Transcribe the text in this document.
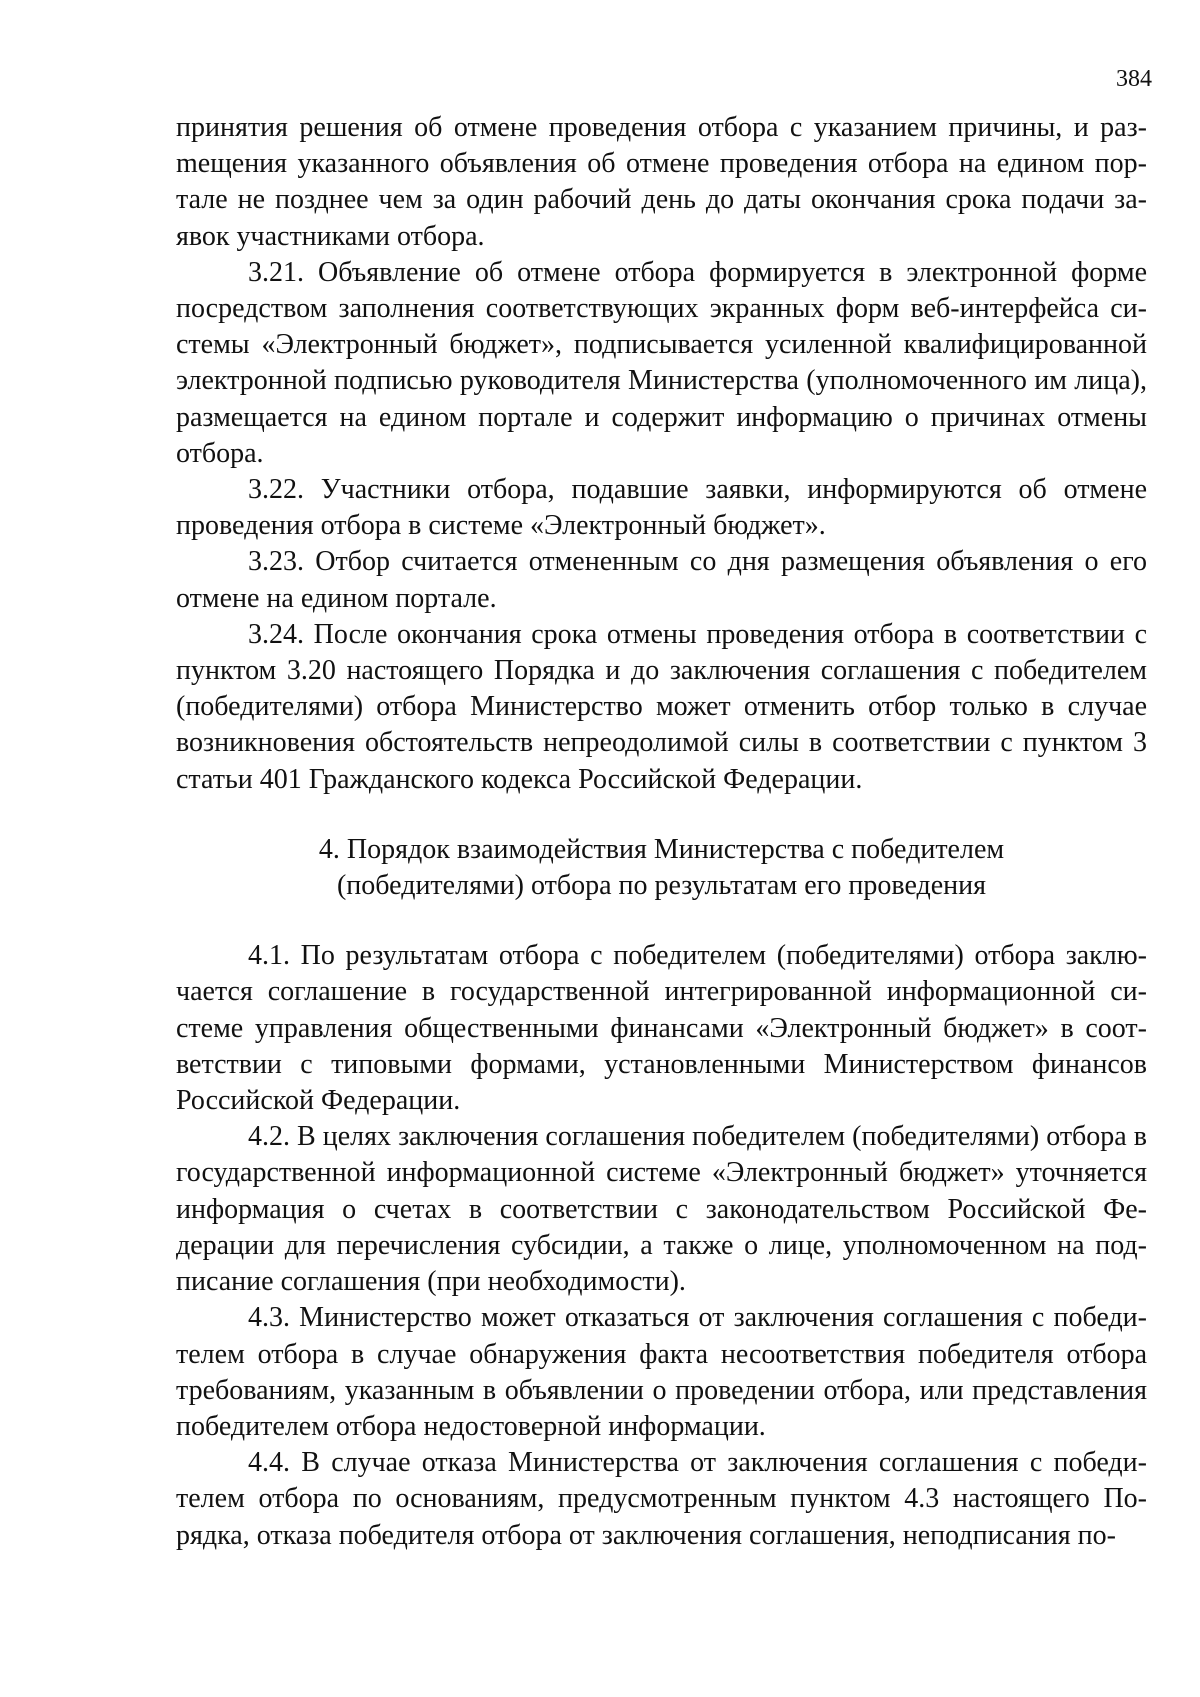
384

принятия решения об отмене проведения отбора с указанием причины, и разmещения указанного объявления об отмене проведения отбора на едином портале не позднее чем за один рабочий день до даты окончания срока подачи заявок участниками отбора.

3.21. Объявление об отмене отбора формируется в электронной форме посредством заполнения соответствующих экранных форм веб-интерфейса системы «Электронный бюджет», подписывается усиленной квалифицированной электронной подписью руководителя Министерства (уполномоченного им лица), размещается на едином портале и содержит информацию о причинах отмены отбора.

3.22. Участники отбора, подавшие заявки, информируются об отмене проведения отбора в системе «Электронный бюджет».

3.23. Отбор считается отмененным со дня размещения объявления о его отмене на едином портале.

3.24. После окончания срока отмены проведения отбора в соответствии с пунктом 3.20 настоящего Порядка и до заключения соглашения с победителем (победителями) отбора Министерство может отменить отбор только в случае возникновения обстоятельств непреодолимой силы в соответствии с пунктом 3 статьи 401 Гражданского кодекса Российской Федерации.

4. Порядок взаимодействия Министерства с победителем
(победителями) отбора по результатам его проведения

4.1. По результатам отбора с победителем (победителями) отбора заключается соглашение в государственной интегрированной информационной системе управления общественными финансами «Электронный бюджет» в соответствии с типовыми формами, установленными Министерством финансов Российской Федерации.

4.2. В целях заключения соглашения победителем (победителями) отбора в государственной информационной системе «Электронный бюджет» уточняется информация о счетах в соответствии с законодательством Российской Федерации для перечисления субсидии, а также о лице, уполномоченном на подписание соглашения (при необходимости).

4.3. Министерство может отказаться от заключения соглашения с победителем отбора в случае обнаружения факта несоответствия победителя отбора требованиям, указанным в объявлении о проведении отбора, или представления победителем отбора недостоверной информации.

4.4. В случае отказа Министерства от заключения соглашения с победителем отбора по основаниям, предусмотренным пунктом 4.3 настоящего Порядка, отказа победителя отбора от заключения соглашения, неподписания по-
